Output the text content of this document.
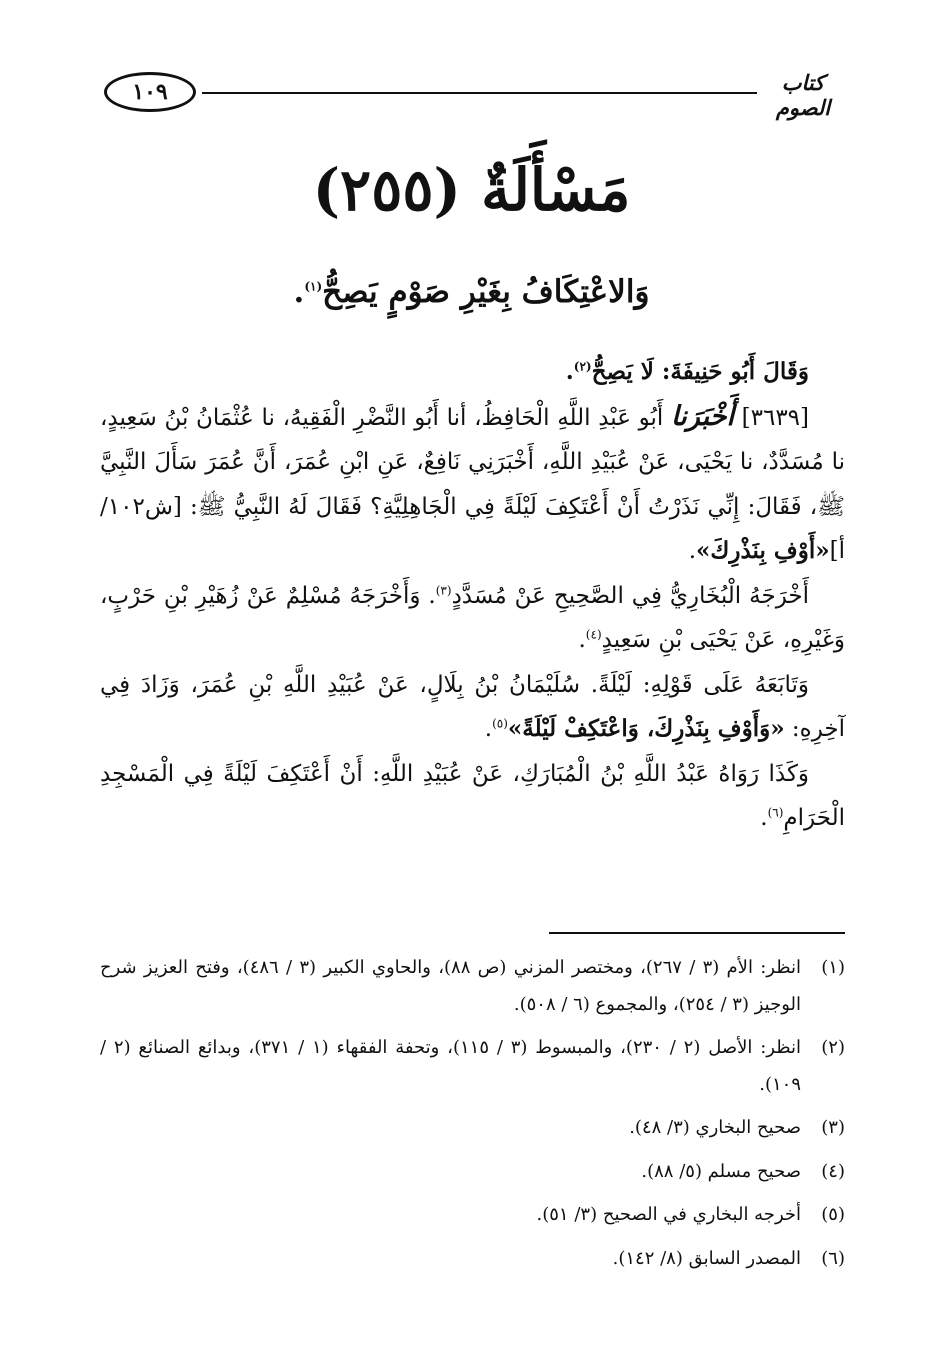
١٠٩	كتاب الصوم
مَسْأَلَةٌ (٢٥٥)
وَالاعْتِكَافُ بِغَيْرِ صَوْمٍ يَصِحُّ$^{(١)}$.

وَقَالَ أَبُو حَنِيفَةَ: لَا يَصِحُّ$^{(٢)}$.

[٣٦٣٩] أَخْبَرَنا أَبُو عَبْدِ اللَّهِ الْحَافِظُ، أنا أَبُو النَّضْرِ الْفَقِيهُ، نا عُثْمَانُ بْنُ سَعِيدٍ، نا مُسَدَّدٌ، نا يَحْيَى، عَنْ عُبَيْدِ اللَّهِ، أَخْبَرَنِي نَافِعٌ، عَنِ ابْنِ عُمَرَ، أَنَّ عُمَرَ سَأَلَ النَّبِيَّ ﷺ، فَقَالَ: إِنِّي نَذَرْتُ أَنْ أَعْتَكِفَ لَيْلَةً فِي الْجَاهِلِيَّةِ؟ فَقَالَ لَهُ النَّبِيُّ ﷺ: [ش١٠٢/أ]«أَوْفِ بِنَذْرِكَ».

أَخْرَجَهُ الْبُخَارِيُّ فِي الصَّحِيحِ عَنْ مُسَدَّدٍ$^{(٣)}$. وَأَخْرَجَهُ مُسْلِمٌ عَنْ زُهَيْرِ بْنِ حَرْبٍ، وَغَيْرِهِ، عَنْ يَحْيَى بْنِ سَعِيدٍ$^{(٤)}$.

وَتَابَعَهُ عَلَى قَوْلِهِ: لَيْلَةً. سُلَيْمَانُ بْنُ بِلَالٍ، عَنْ عُبَيْدِ اللَّهِ بْنِ عُمَرَ، وَزَادَ فِي آخِرِهِ: «وَأَوْفِ بِنَذْرِكَ، وَاعْتَكِفْ لَيْلَةً»$^{(٥)}$.

وَكَذَا رَوَاهُ عَبْدُ اللَّهِ بْنُ الْمُبَارَكِ، عَنْ عُبَيْدِ اللَّهِ: أَنْ أَعْتَكِفَ لَيْلَةً فِي الْمَسْجِدِ الْحَرَامِ$^{(٦)}$.

(١)
انظر: الأم (٣ / ٢٦٧)، ومختصر المزني (ص ٨٨)، والحاوي الكبير (٣ / ٤٨٦)، وفتح العزيز شرح الوجيز (٣ / ٢٥٤)، والمجموع (٦ / ٥٠٨).
(٢)
انظر: الأصل (٢ / ٢٣٠)، والمبسوط (٣ / ١١٥)، وتحفة الفقهاء (١ / ٣٧١)، وبدائع الصنائع (٢ / ١٠٩).
(٣)
صحيح البخاري (٣/ ٤٨).
(٤)
صحيح مسلم (٥/ ٨٨).
(٥)
أخرجه البخاري في الصحيح (٣/ ٥١).
(٦)
المصدر السابق (٨/ ١٤٢).
